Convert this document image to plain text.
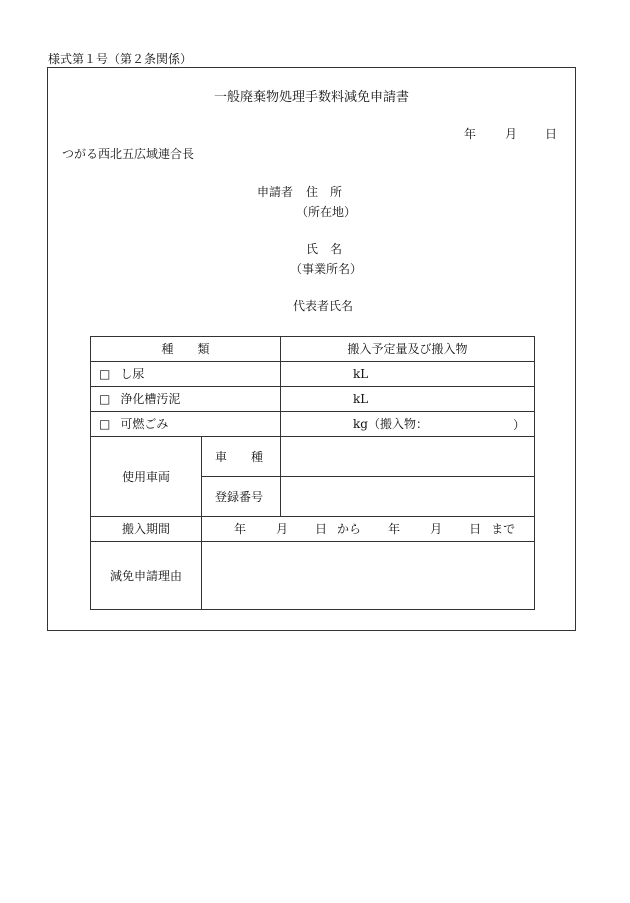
様式第１号（第２条関係）
一般廃棄物処理手数料減免申請書
年 月 日
つがる西北五広域連合長
申請者 住　所
（所在地）
氏　名
（事業所名）
代表者氏名
種　　類		搬入予定量及び搬入物
□ し尿		kL
□ 浄化槽汚泥		kL
□ 可燃ごみ		kg（搬入物： ）

使用車両	車　　種	
	登録番号	
搬入期間	年 月 日 から 年 月 日 まで	
減免申請理由		
